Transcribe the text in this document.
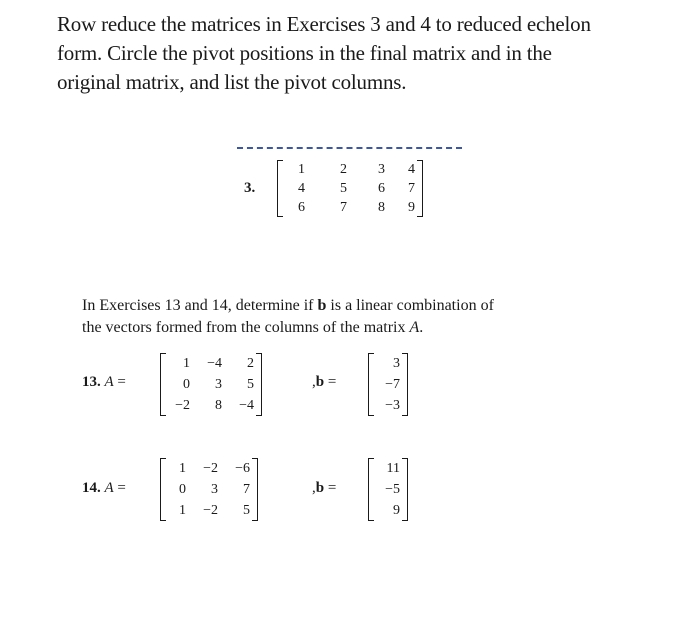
Row reduce the matrices in Exercises 3 and 4 to reduced echelon
form. Circle the pivot positions in the final matrix and in the
original matrix, and list the pivot columns.
3.
1	2	3	4
4	5	6	7
6	7	8	9
In Exercises 13 and 14, determine if b is a linear combination of
the vectors formed from the columns of the matrix A.
13. A =
1	−4	2
0	3	5
−2	8	−4
,b =
3
−7
−3
14. A =
1	−2	−6
0	3	7
1	−2	5
,b =
11
−5
9
